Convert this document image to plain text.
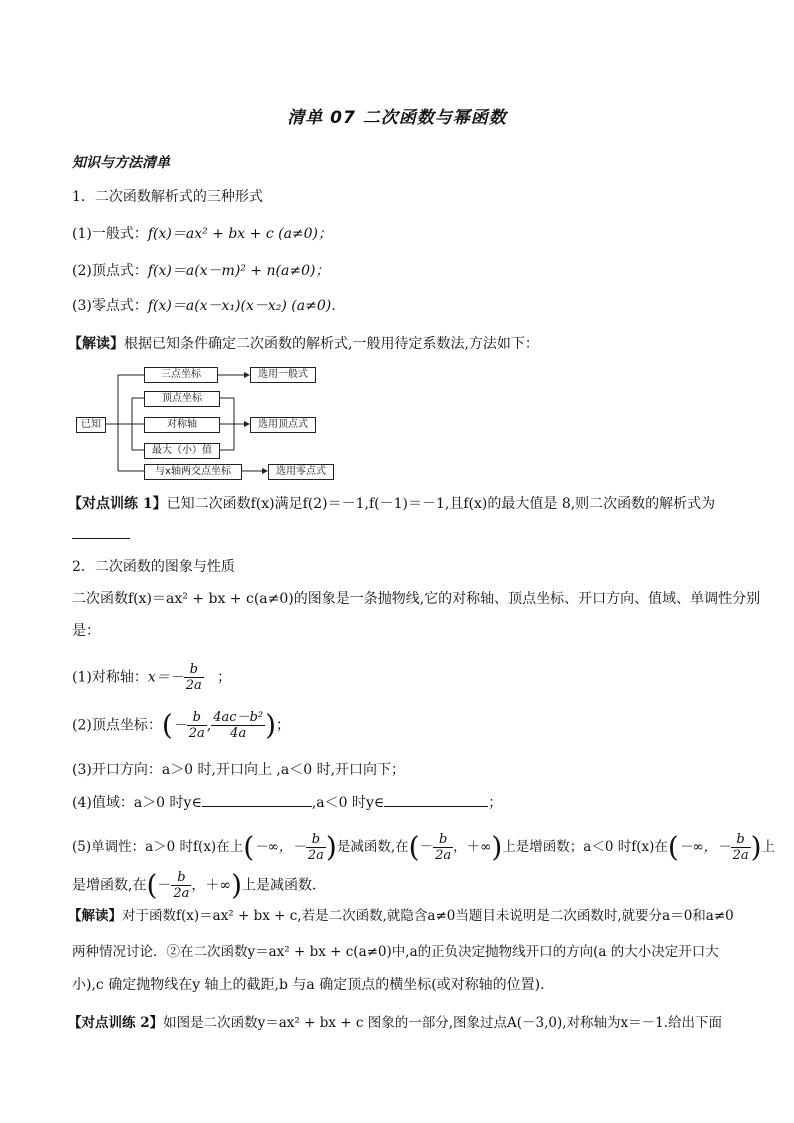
清单 07 二次函数与幂函数
知识与方法清单
1．二次函数解析式的三种形式
(1)一般式：f(x)＝ax² + bx + c (a≠0)；
(2)顶点式：f(x)＝a(x－m)² + n(a≠0)；
(3)零点式：f(x)＝a(x－x₁)(x－x₂) (a≠0)．
【解读】根据已知条件确定二次函数的解析式,一般用待定系数法,方法如下：
已知
三点坐标	选用一般式
顶点坐标
对称轴
最大（小）值
选用顶点式
与x轴两交点坐标	选用零点式
【对点训练 1】已知二次函数f(x)满足f(2)＝－1,f(－1)＝－1,且f(x)的最大值是 8,则二次函数的解析式为
2．二次函数的图象与性质
二次函数f(x)＝ax² + bx + c(a≠0)的图象是一条抛物线,它的对称轴、顶点坐标、开口方向、值域、单调性分别
是：
(1)对称轴：$x=- \frac{b}{2a}$ ；
(2)顶点坐标：(－ $\frac{b}{2a}$ , $\frac{\text{4ac－b²}}{4a}$ )；
(3)开口方向：a＞0 时,开口向上 ,a＜0 时,开口向下；
(4)值域：a＞0 时y∈	,a＜0 时y∈	；
(5)单调性：a＞0 时f(x)在上(－∞，－ $\frac{b}{2a}$ )是减函数,在(－ $\frac{b}{2a}$ ，＋∞)上是增函数；a＜0 时f(x)在(－∞，－ $\frac{b}{2a}$ )上
是增函数,在(－ $\frac{b}{2a}$ ，＋∞)上是减函数．
【解读】对于函数f(x)＝ax² + bx + c,若是二次函数,就隐含a≠0当题目未说明是二次函数时,就要分a＝0和a≠0
两种情况讨论．②在二次函数y＝ax² + bx + c(a≠0)中,a的正负决定抛物线开口的方向(a 的大小决定开口大
小),c 确定抛物线在y 轴上的截距,b 与a 确定顶点的横坐标(或对称轴的位置)．
【对点训练 2】如图是二次函数y＝ax² + bx + c 图象的一部分,图象过点A(－3,0),对称轴为x＝－1.给出下面
